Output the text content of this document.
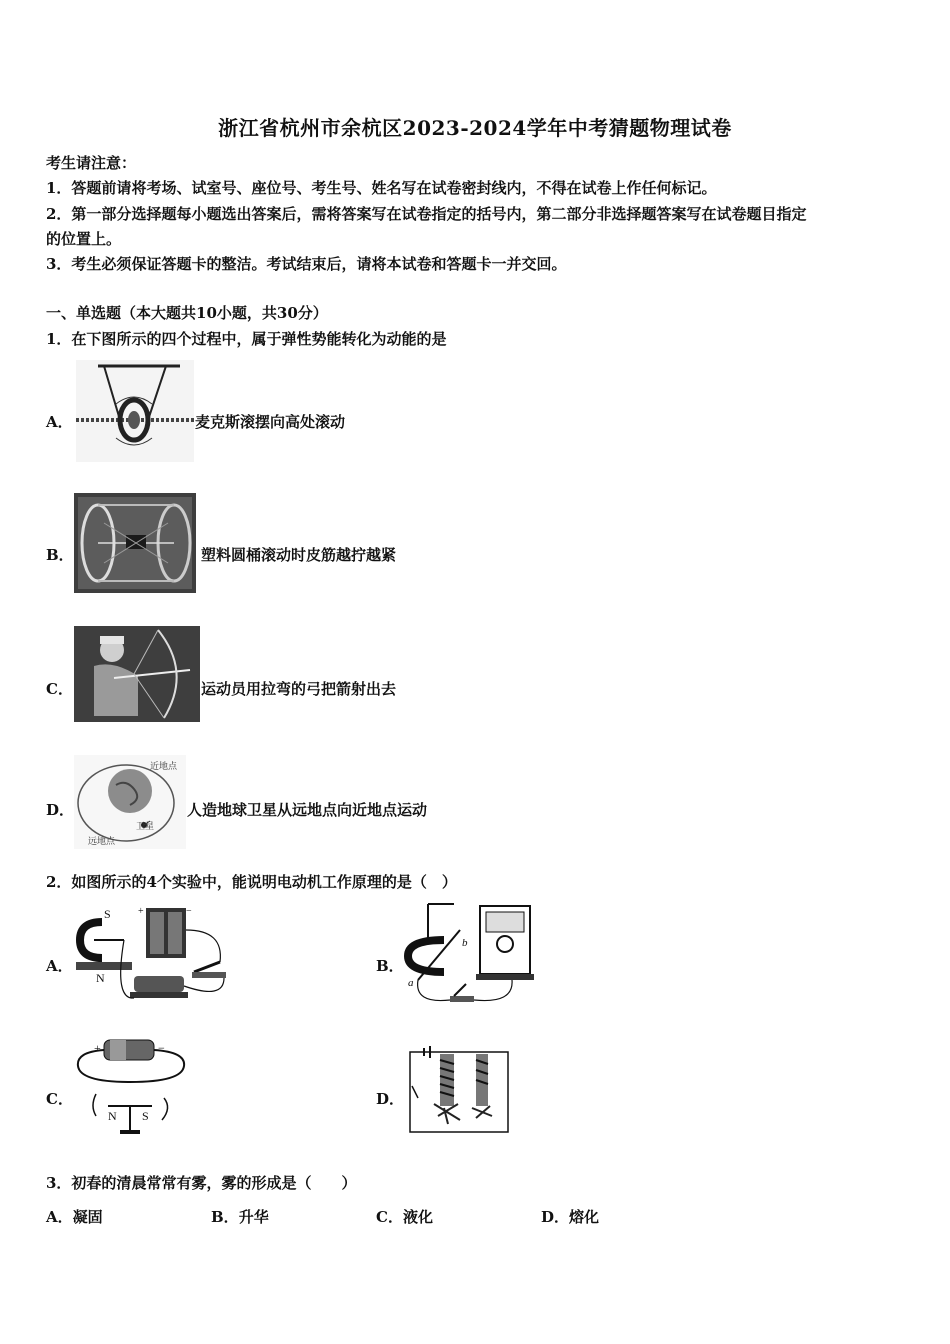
浙江省杭州市余杭区2023-2024学年中考猜题物理试卷
考生请注意：
1．答题前请将考场、试室号、座位号、考生号、姓名写在试卷密封线内，不得在试卷上作任何标记。
2．第一部分选择题每小题选出答案后，需将答案写在试卷指定的括号内，第二部分非选择题答案写在试卷题目指定
的位置上。
3．考生必须保证答题卡的整洁。考试结束后，请将本试卷和答题卡一并交回。
一、单选题（本大题共10小题，共30分）
1．在下图所示的四个过程中，属于弹性势能转化为动能的是
A．	麦克斯滚摆向高处滚动
B．	塑料圆桶滚动时皮筋越拧越紧
C．	运动员用拉弯的弓把箭射出去
D．
近地点
卫星
远地点
人造地球卫星从远地点向近地点运动
2．如图所示的4个实验中，能说明电动机工作原理的是（　）
A．
S
N
+	−
B．
b
a
C．
+	−
N S
D．
3．初春的清晨常常有雾，雾的形成是（　　）
A．凝固	B．升华	C．液化	D．熔化
